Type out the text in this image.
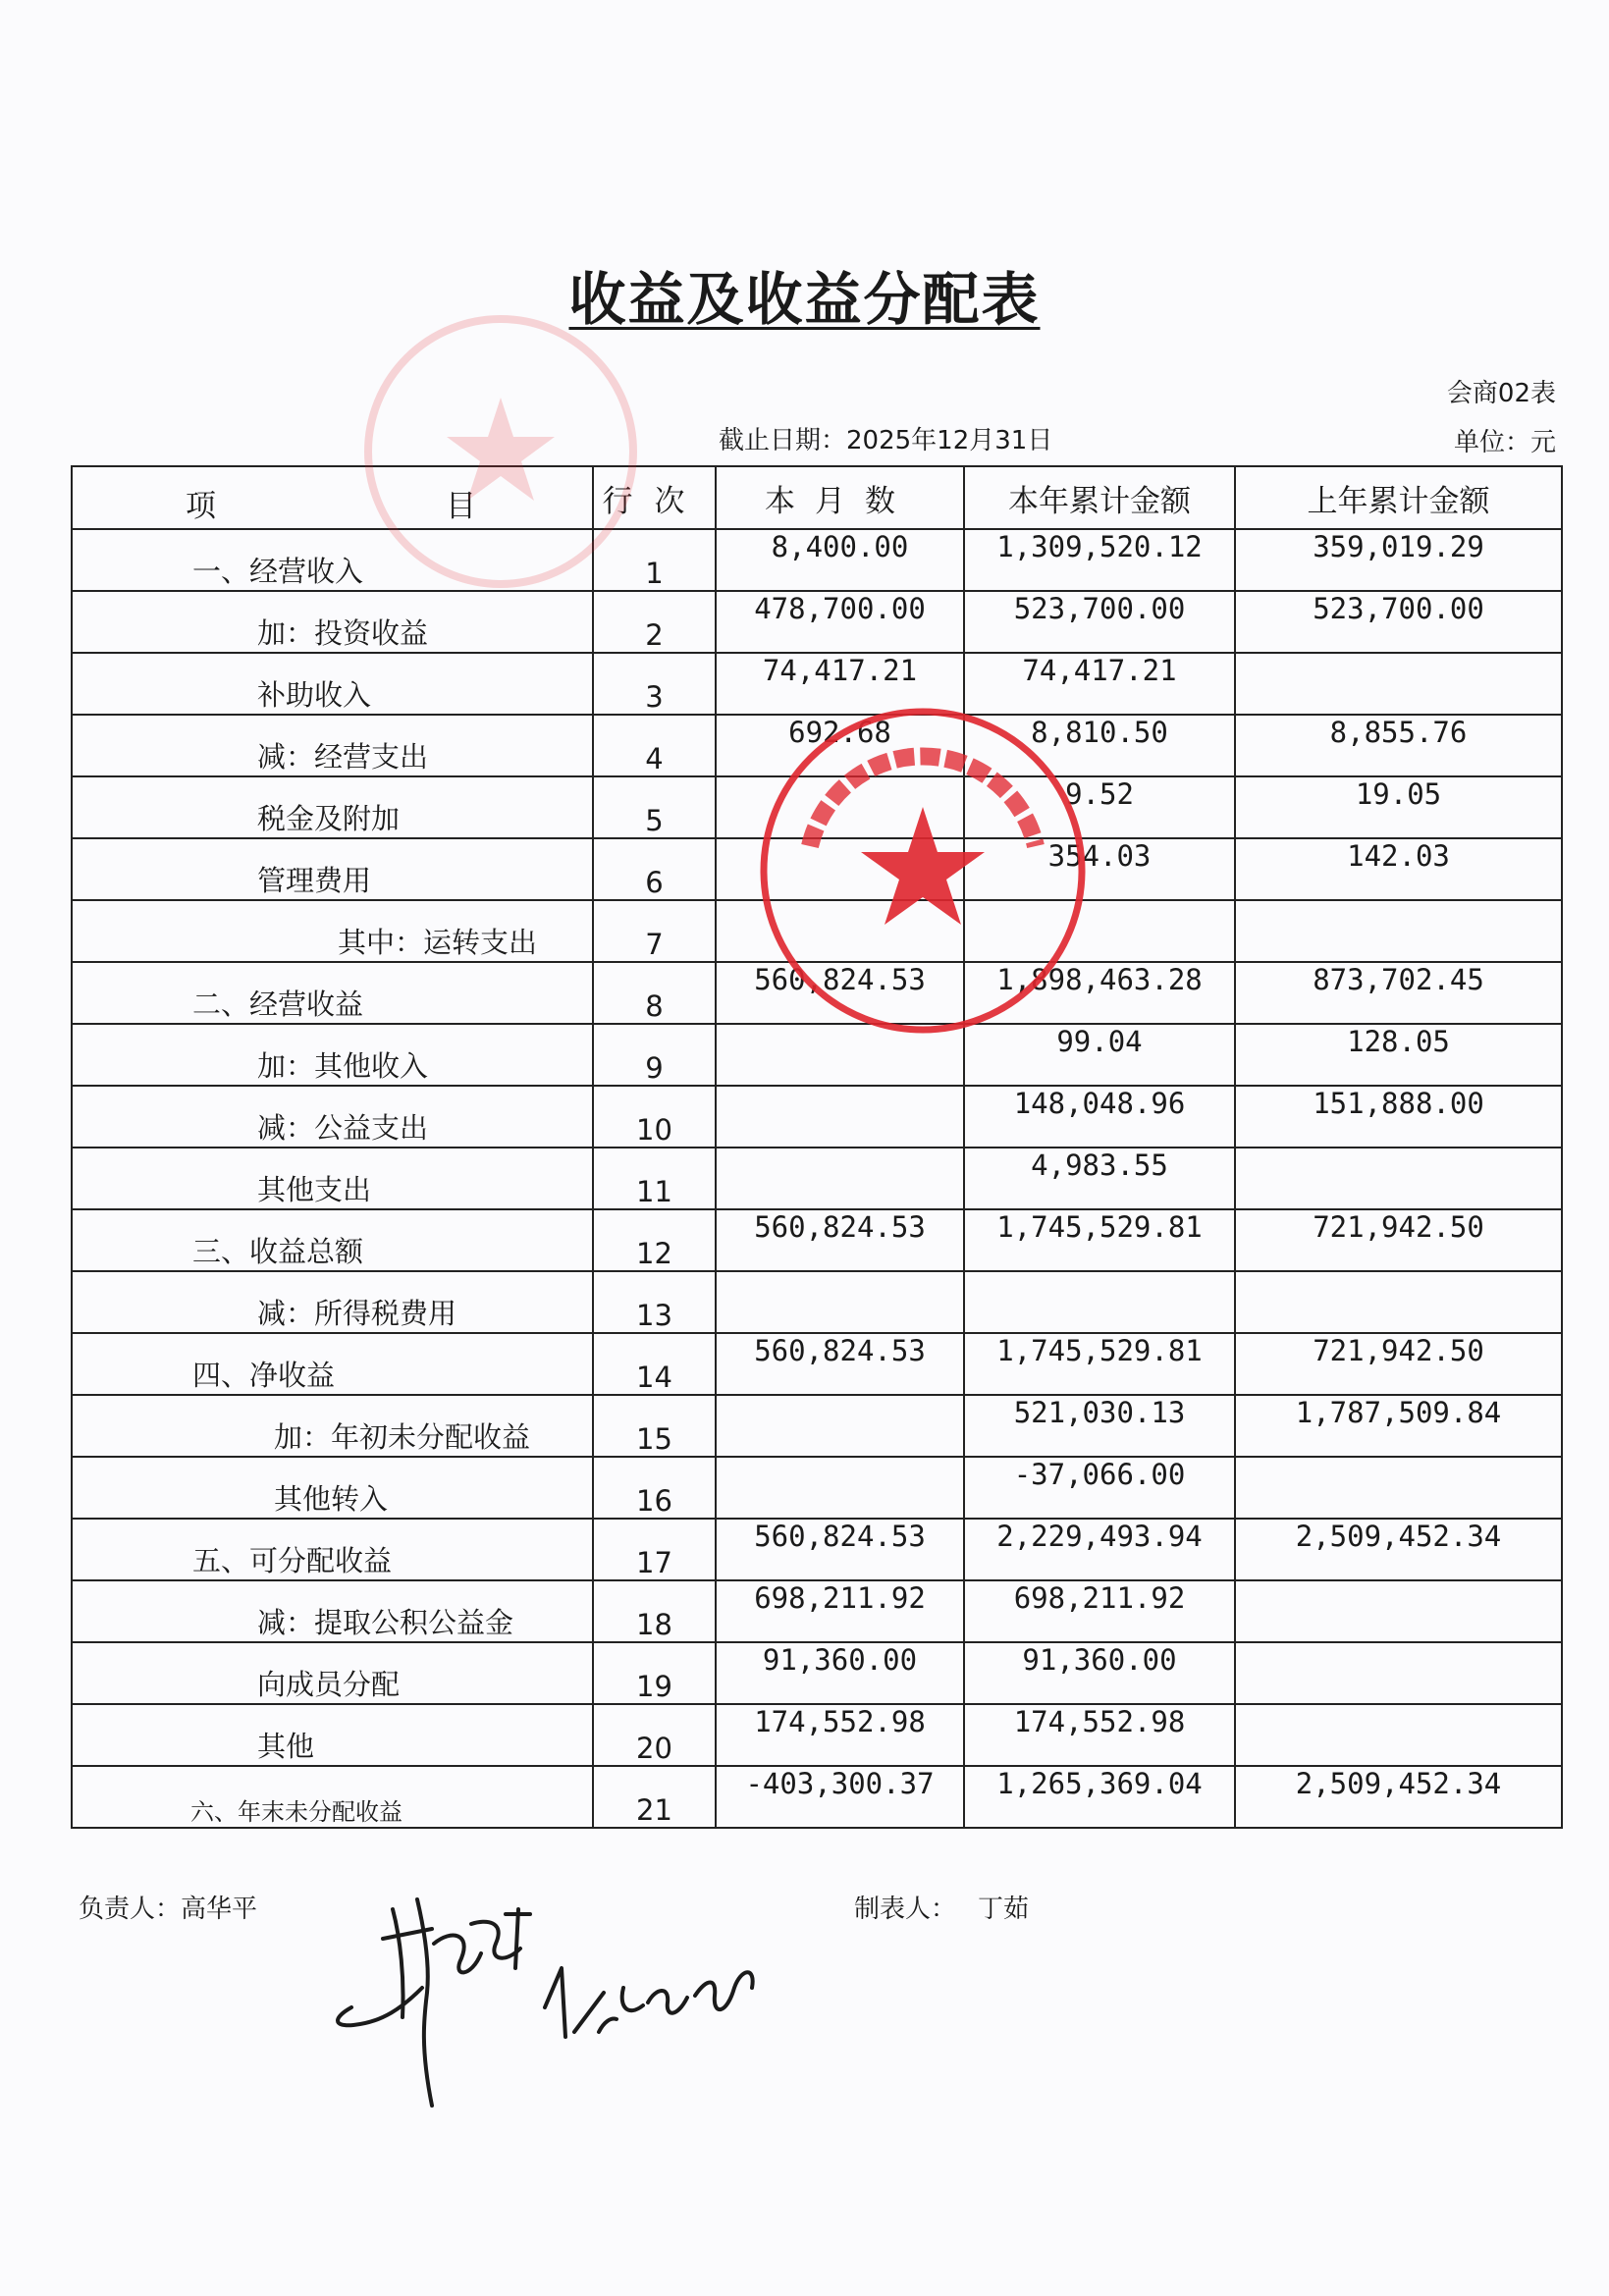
收益及收益分配表
会商02表
截止日期：2025年12月31日	单位：元
项 目	行次	本月数	本年累计金额	上年累计金额
一、经营收入	1	8,400.00	1,309,520.12	359,019.29
加：投资收益	2	478,700.00	523,700.00	523,700.00
补助收入	3	74,417.21	74,417.21	
减：经营支出	4	692.68	8,810.50	8,855.76
税金及附加	5		9.52	19.05
管理费用	6		354.03	142.03
其中：运转支出	7			
二、经营收益	8	560,824.53	1,898,463.28	873,702.45
加：其他收入	9		99.04	128.05
减：公益支出	10		148,048.96	151,888.00
其他支出	11		4,983.55	
三、收益总额	12	560,824.53	1,745,529.81	721,942.50
减：所得税费用	13			
四、净收益	14	560,824.53	1,745,529.81	721,942.50
加：年初未分配收益	15		521,030.13	1,787,509.84
其他转入	16		-37,066.00	
五、可分配收益	17	560,824.53	2,229,493.94	2,509,452.34
减：提取公积公益金	18	698,211.92	698,211.92	
向成员分配	19	91,360.00	91,360.00	
其他	20	174,552.98	174,552.98	
六、年末未分配收益	21	-403,300.37	1,265,369.04	2,509,452.34
负责人：高华平	制表人： 丁茹
